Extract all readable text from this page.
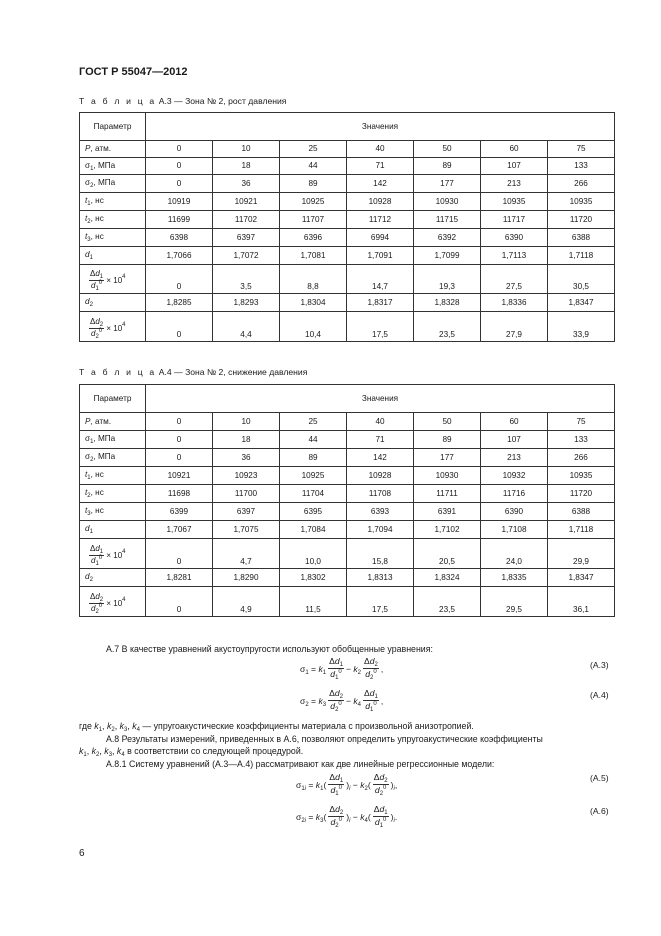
ГОСТ Р 55047—2012
Т а б л и ц а А.3 — Зона № 2, рост давления
Параметр	Значения						
P, атм.	0	10	25	40	50	60	75
$\sigma_1$, МПа	0	18	44	71	89	107	133
$\sigma_2$, МПа	0	36	89	142	177	213	266
$t_1$, нс	10919	10921	10925	10928	10930	10935	10935
$t_2$, нс	11699	11702	11707	11712	11715	11717	11720
$t_3$, нс	6398	6397	6396	6994	6392	6390	6388
$d_1$	1,7066	1,7072	1,7081	1,7091	1,7099	1,7113	1,7118

$\frac{\Delta d_1}{d_1^0} \times 10$ 4	0	3,5	8,8	14,7	19,3	27,5	30,5
$d_2$	1,8285	1,8293	1,8304	1,8317	1,8328	1,8336	1,8347

$\frac{\Delta d_2}{d_2^0} \times 10$ 4	0	4,4	10,4	17,5	23,5	27,9	33,9
Т а б л и ц а А.4 — Зона № 2, снижение давления
Параметр	Значения						
P, атм.	0	10	25	40	50	60	75
$\sigma_1$, МПа	0	18	44	71	89	107	133
$\sigma_2$, МПа	0	36	89	142	177	213	266
$t_1$, нс	10921	10923	10925	10928	10930	10932	10935
$t_2$, нс	11698	11700	11704	11708	11711	11716	11720
$t_3$, нс	6399	6397	6395	6393	6391	6390	6388
$d_1$	1,7067	1,7075	1,7084	1,7094	1,7102	1,7108	1,7118

$\frac{\Delta d_1}{d_1^0} \times 10$ 4	0	4,7	10,0	15,8	20,5	24,0	29,9
$d_2$	1,8281	1,8290	1,8302	1,8313	1,8324	1,8335	1,8347

$\frac{\Delta d_2}{d_2^0} \times 10$ 4	0	4,9	11,5	17,5	23,5	29,5	36,1
А.7 В качестве уравнений акустоупругости используют обобщенные уравнения:
$\sigma_1 = k_1 \frac{\Delta d_1}{d_1^0} - k_2 \frac{\Delta d_2}{d_2^0}$ ,	(А.3)
$\sigma_2 = k_3 \frac{\Delta d_2}{d_2^0} - k_4 \frac{\Delta d_1}{d_1^0}$ ,
(А.4)
где $k_1$, $k_2$, $k_3$, $k_4$ — упругоакустические коэффициенты материала с произвольной анизотропией.
А.8 Результаты измерений, приведенных в А.6, позволяют определить упругоакустические коэффициенты
$k_1$, $k_2$, $k_3$, $k_4$ в соответствии со следующей процедурой.
А.8.1 Систему уравнений (А.3—А.4) рассматривают как две линейные регрессионные модели:
$\sigma_{1i} = k_1( \frac{\Delta d_1}{d_1^0} )_i - k_2( \frac{\Delta d_2}{d_2^0} )_i$,
(А.5)
$\sigma_{2i} = k_3( \frac{\Delta d_2}{d_2^0} )_i - k_4( \frac{\Delta d_1}{d_1^0} )_i$.
(А.6)
6
